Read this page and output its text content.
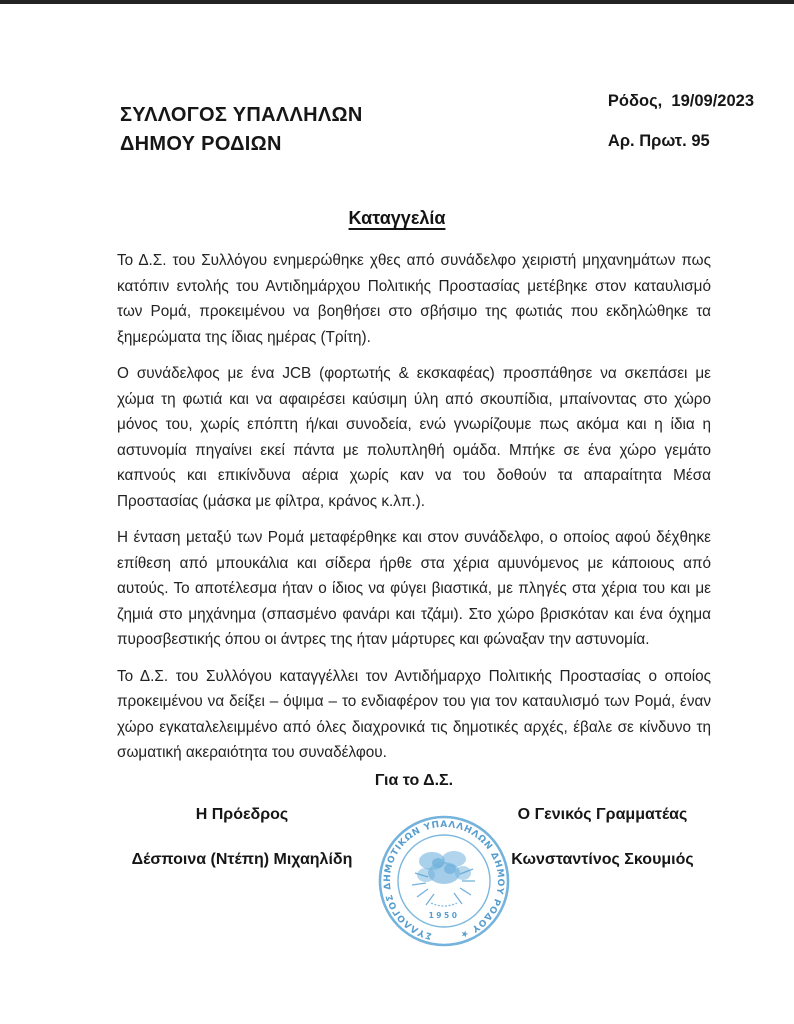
ΣΥΛΛΟΓΟΣ ΥΠΑΛΛΗΛΩΝ
ΔΗΜΟΥ ΡΟΔΙΩΝ
Ρόδος,  19/09/2023
Αρ. Πρωτ. 95
Καταγγελία

Το Δ.Σ. του Συλλόγου ενημερώθηκε χθες από συνάδελφο χειριστή μηχανημάτων πως κατόπιν εντολής του Αντιδημάρχου Πολιτικής Προστασίας μετέβηκε στον καταυλισμό των Ρομά, προκειμένου να βοηθήσει στο σβήσιμο της φωτιάς που εκδηλώθηκε τα ξημερώματα της ίδιας ημέρας (Τρίτη).

Ο συνάδελφος με ένα JCB (φορτωτής & εκσκαφέας) προσπάθησε να σκεπάσει με χώμα τη φωτιά και να αφαιρέσει καύσιμη ύλη από σκουπίδια, μπαίνοντας στο χώρο μόνος του, χωρίς επόπτη ή/και συνοδεία, ενώ γνωρίζουμε πως ακόμα και η ίδια η αστυνομία πηγαίνει εκεί πάντα με πολυπληθή ομάδα. Μπήκε σε ένα χώρο γεμάτο καπνούς και επικίνδυνα αέρια χωρίς καν να του δοθούν τα απαραίτητα Μέσα Προστασίας (μάσκα με φίλτρα, κράνος κ.λπ.).

Η ένταση μεταξύ των Ρομά μεταφέρθηκε και στον συνάδελφο, ο οποίος αφού δέχθηκε επίθεση από μπουκάλια και σίδερα ήρθε στα χέρια αμυνόμενος με κάποιους από αυτούς. Το αποτέλεσμα ήταν ο ίδιος να φύγει βιαστικά, με πληγές στα χέρια του και με ζημιά στο μηχάνημα (σπασμένο φανάρι και τζάμι). Στο χώρο βρισκόταν και ένα όχημα πυροσβεστικής όπου οι άντρες της ήταν μάρτυρες και φώναξαν την αστυνομία.

Το Δ.Σ. του Συλλόγου καταγγέλλει τον Αντιδήμαρχο Πολιτικής Προστασίας ο οποίος προκειμένου να δείξει – όψιμα – το ενδιαφέρον του για τον καταυλισμό των Ρομά, έναν χώρο εγκαταλελειμμένο από όλες διαχρονικά τις δημοτικές αρχές, έβαλε σε κίνδυνο τη σωματική ακεραιότητα του συναδέλφου.

Για το Δ.Σ.
Η Πρόεδρος
Δέσποινα (Ντέπη) Μιχαηλίδη
Ο Γενικός Γραμματέας
Κωνσταντίνος Σκουμιός
ΣΥΛΛΟΓΟΣ ΔΗΜΟΤΙΚΩΝ ΥΠΑΛΛΗΛΩΝ ΔΗΜΟΥ ΡΟΔΟΥ ★
1950
